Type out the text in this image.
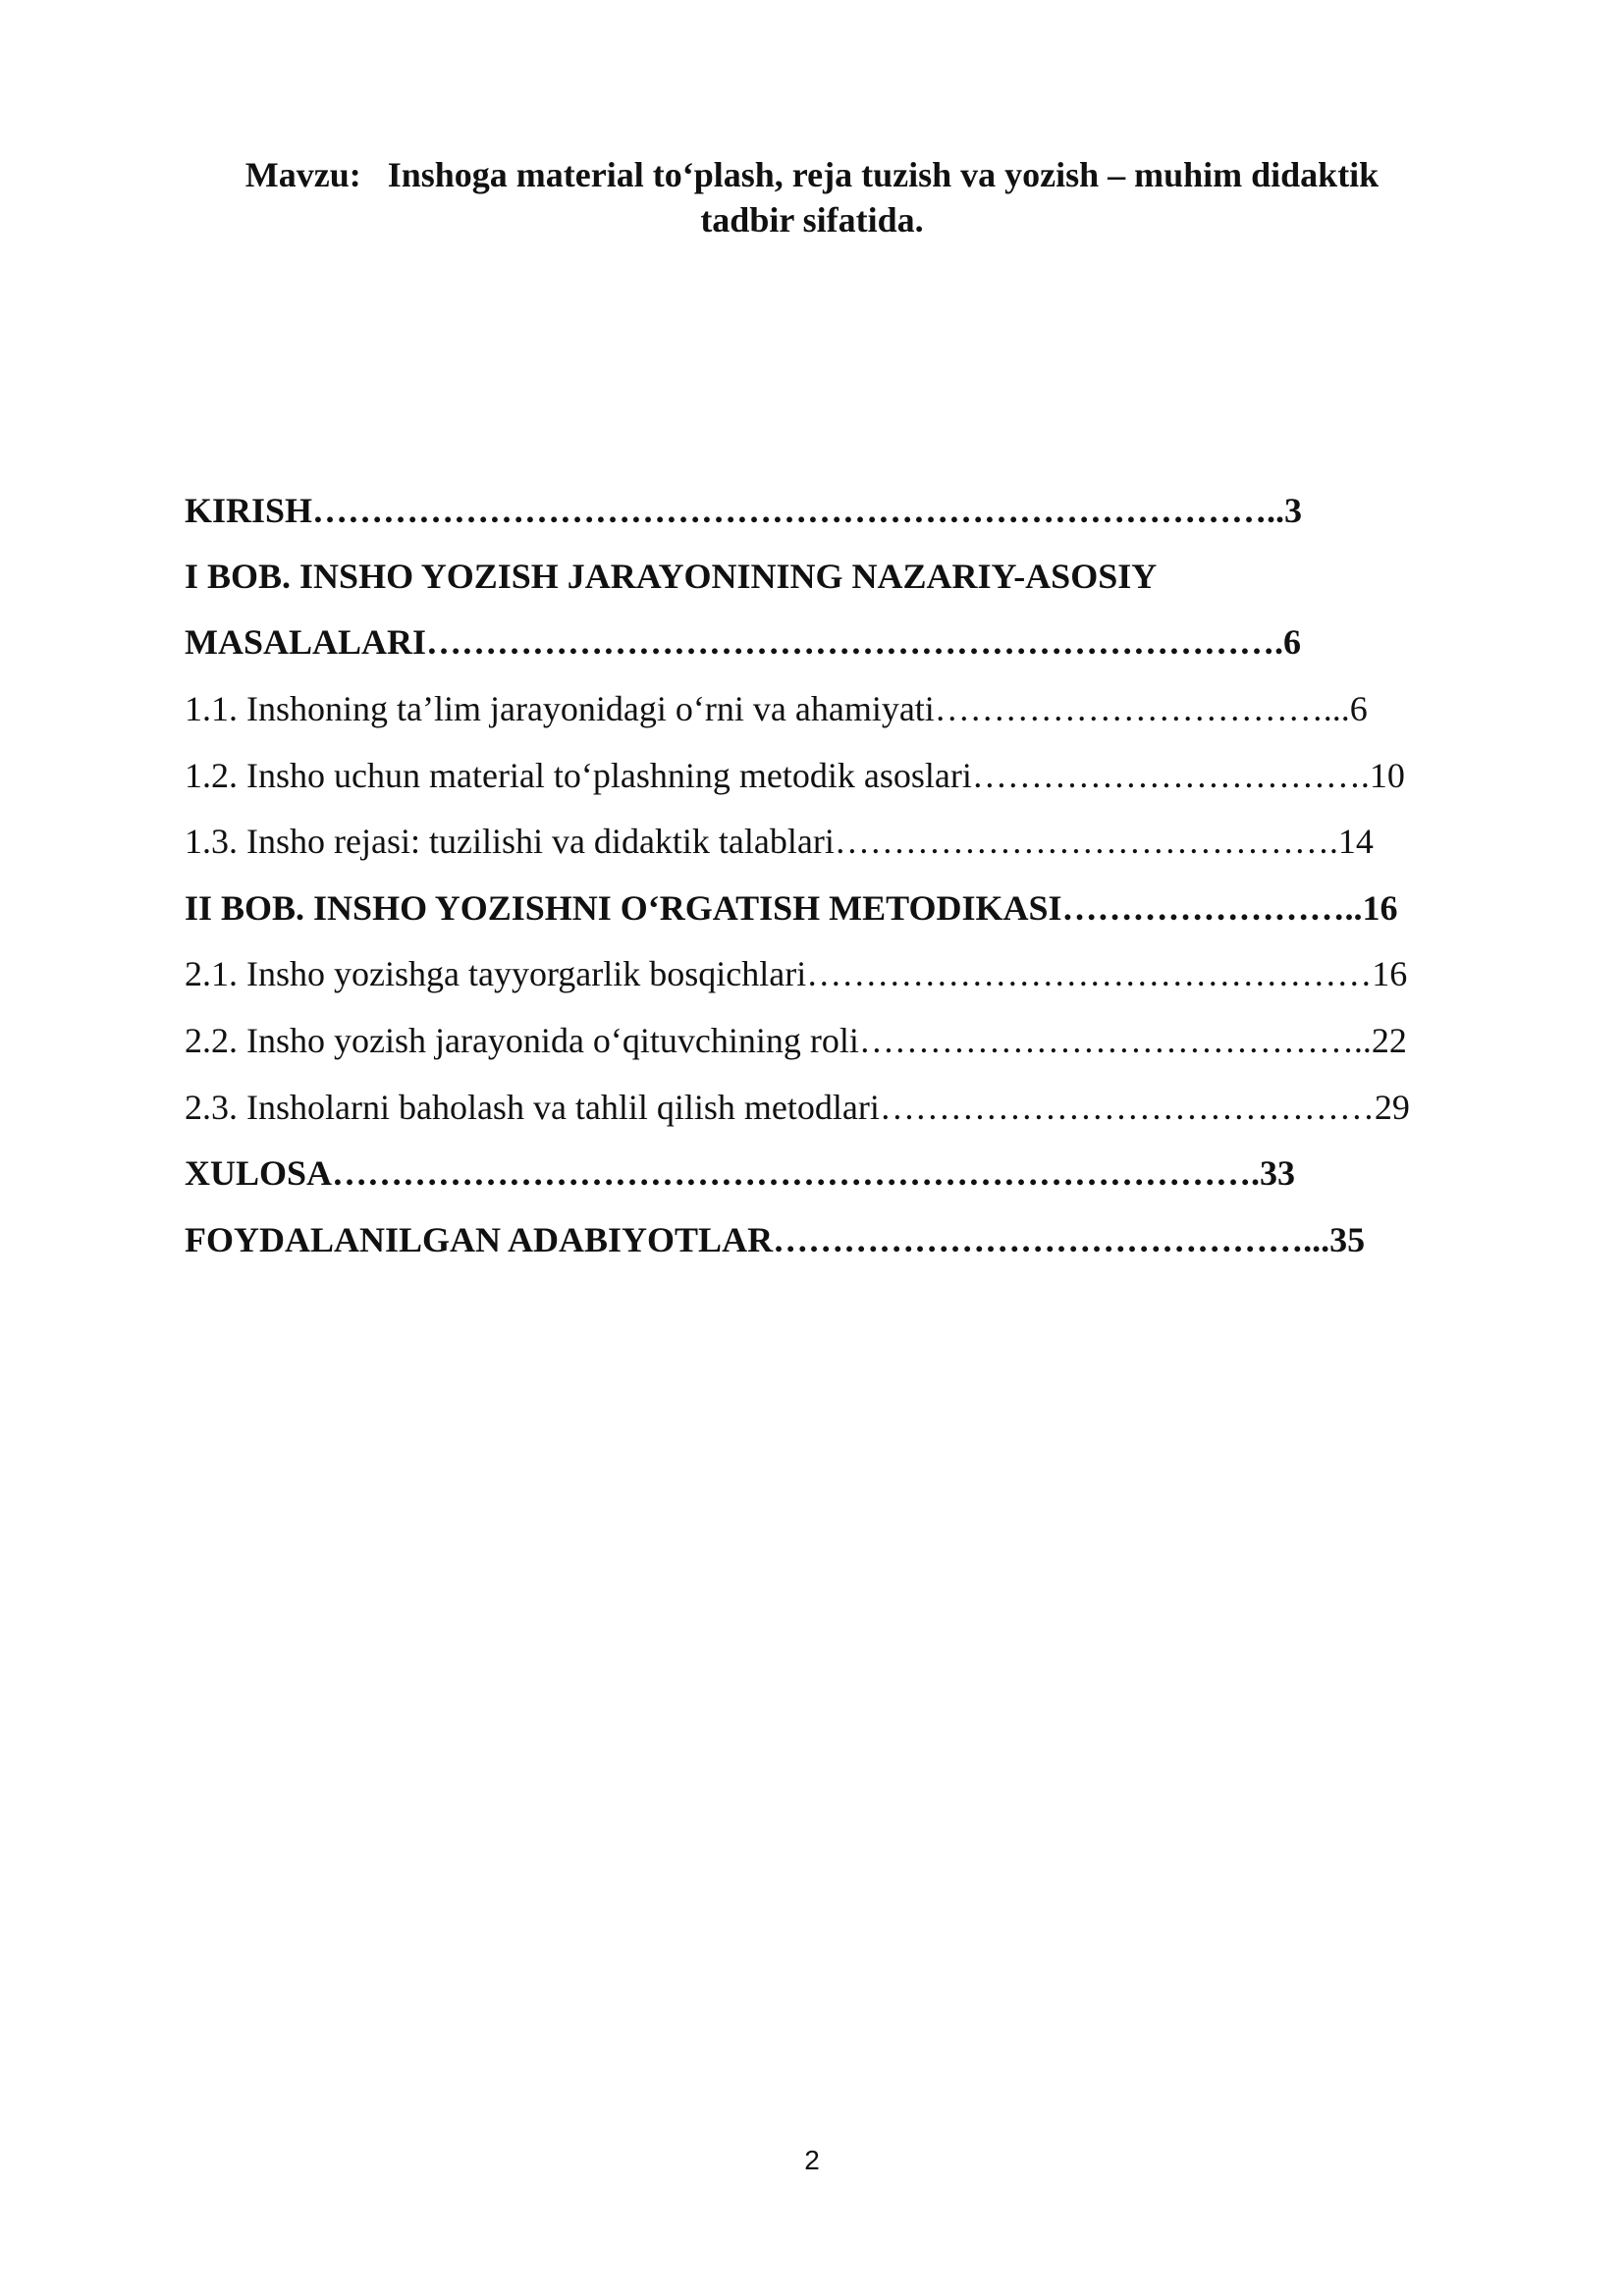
Mavzu:   Inshoga material to‘plash, reja tuzish va yozish – muhim didaktik
tadbir sifatida.
KIRISH………………………………………………………………………..3
I BOB. INSHO YOZISH JARAYONINING NAZARIY-ASOSIY
MASALALARI……………………………………………………………….6
1.1. Inshoning ta’lim jarayonidagi o‘rni va ahamiyati……………………………...6
1.2. Insho uchun material to‘plashning metodik asoslari…………………………….10
1.3. Insho rejasi: tuzilishi va didaktik talablari…………………………………….14
II BOB. INSHO YOZISHNI O‘RGATISH METODIKASI……………………..16
2.1. Insho yozishga tayyorgarlik bosqichlari…………………………………………16
2.2. Insho yozish jarayonida o‘qituvchining roli……………………………………..22
2.3. Insholarni baholash va tahlil qilish metodlari……………………………………29
XULOSA…………………………………………………………………….33
FOYDALANILGAN ADABIYOTLAR………………………………………...35
2
